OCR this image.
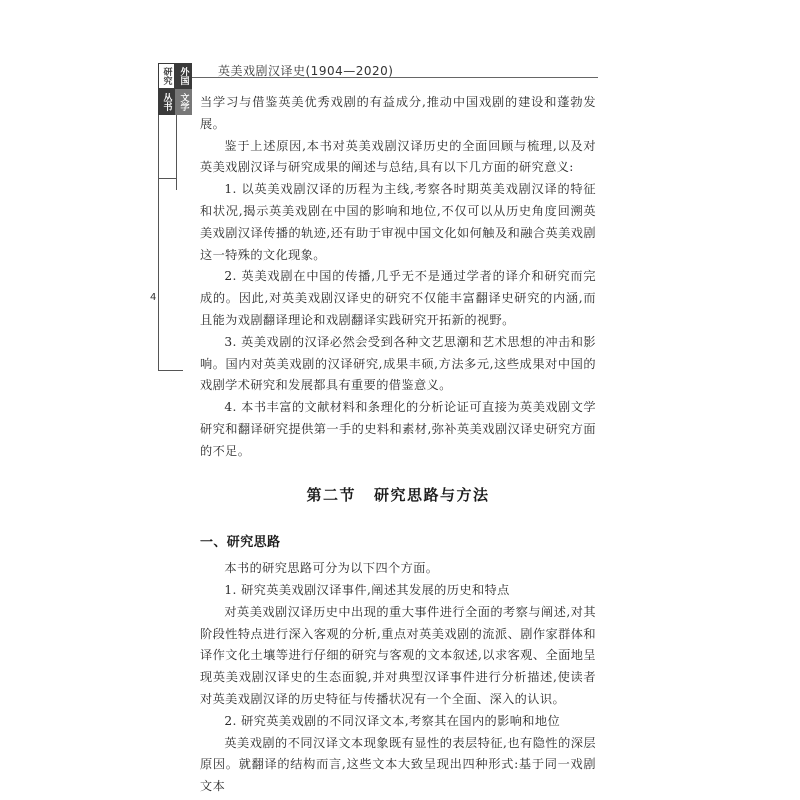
英美戏剧汉译史(1904—2020)
研究 外国
丛书 文学
4

当学习与借鉴英美优秀戏剧的有益成分,推动中国戏剧的建设和蓬勃发展。

鉴于上述原因,本书对英美戏剧汉译历史的全面回顾与梳理,以及对英美戏剧汉译与研究成果的阐述与总结,具有以下几方面的研究意义:

1. 以英美戏剧汉译的历程为主线,考察各时期英美戏剧汉译的特征和状况,揭示英美戏剧在中国的影响和地位,不仅可以从历史角度回溯英美戏剧汉译传播的轨迹,还有助于审视中国文化如何触及和融合英美戏剧这一特殊的文化现象。

2. 英美戏剧在中国的传播,几乎无不是通过学者的译介和研究而完成的。因此,对英美戏剧汉译史的研究不仅能丰富翻译史研究的内涵,而且能为戏剧翻译理论和戏剧翻译实践研究开拓新的视野。

3. 英美戏剧的汉译必然会受到各种文艺思潮和艺术思想的冲击和影响。国内对英美戏剧的汉译研究,成果丰硕,方法多元,这些成果对中国的戏剧学术研究和发展都具有重要的借鉴意义。

4. 本书丰富的文献材料和条理化的分析论证可直接为英美戏剧文学研究和翻译研究提供第一手的史料和素材,弥补英美戏剧汉译史研究方面的不足。

第二节 研究思路与方法

一、研究思路

本书的研究思路可分为以下四个方面。

1. 研究英美戏剧汉译事件,阐述其发展的历史和特点

对英美戏剧汉译历史中出现的重大事件进行全面的考察与阐述,对其阶段性特点进行深入客观的分析,重点对英美戏剧的流派、剧作家群体和译作文化土壤等进行仔细的研究与客观的文本叙述,以求客观、全面地呈现英美戏剧汉译史的生态面貌,并对典型汉译事件进行分析描述,使读者对英美戏剧汉译的历史特征与传播状况有一个全面、深入的认识。

2. 研究英美戏剧的不同汉译文本,考察其在国内的影响和地位

英美戏剧的不同汉译文本现象既有显性的表层特征,也有隐性的深层原因。就翻译的结构而言,这些文本大致呈现出四种形式:基于同一戏剧文本
